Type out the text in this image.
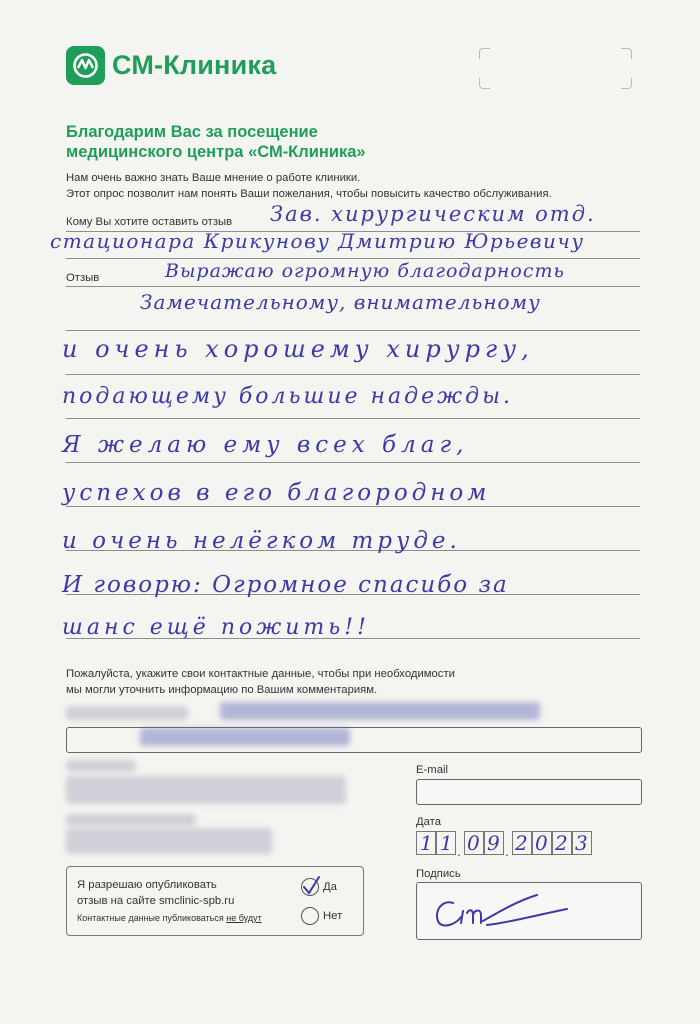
СМ-Клиника
Благодарим Вас за посещение
медицинского центра «СМ-Клиника»
Нам очень важно знать Ваше мнение о работе клиники.
Этот опрос позволит нам понять Ваши пожелания, чтобы повысить качество обслуживания.
Кому Вы хотите оставить отзыв Зав. хирургическим отд.
стационара Крикунову Дмитрию Юрьевичу
Отзыв	Выражаю огромную благодарность
Замечательному, внимательному
и очень хорошему хирургу,
подающему большие надежды.
Я желаю ему всех благ,
успехов в его благородном
и очень нелёгком труде.
И говорю: Огромное спасибо за
шанс ещё пожить!!
Пожалуйста, укажите свои контактные данные, чтобы при необходимости
мы могли уточнить информацию по Вашим комментариям.
E-mail
Дата
.	.
1 1 0 9 2 0 2 3
Подпись
Я разрешаю опубликовать
отзыв на сайте smclinic-spb.ru
Контактные данные публиковаться не будут
Да
Нет
